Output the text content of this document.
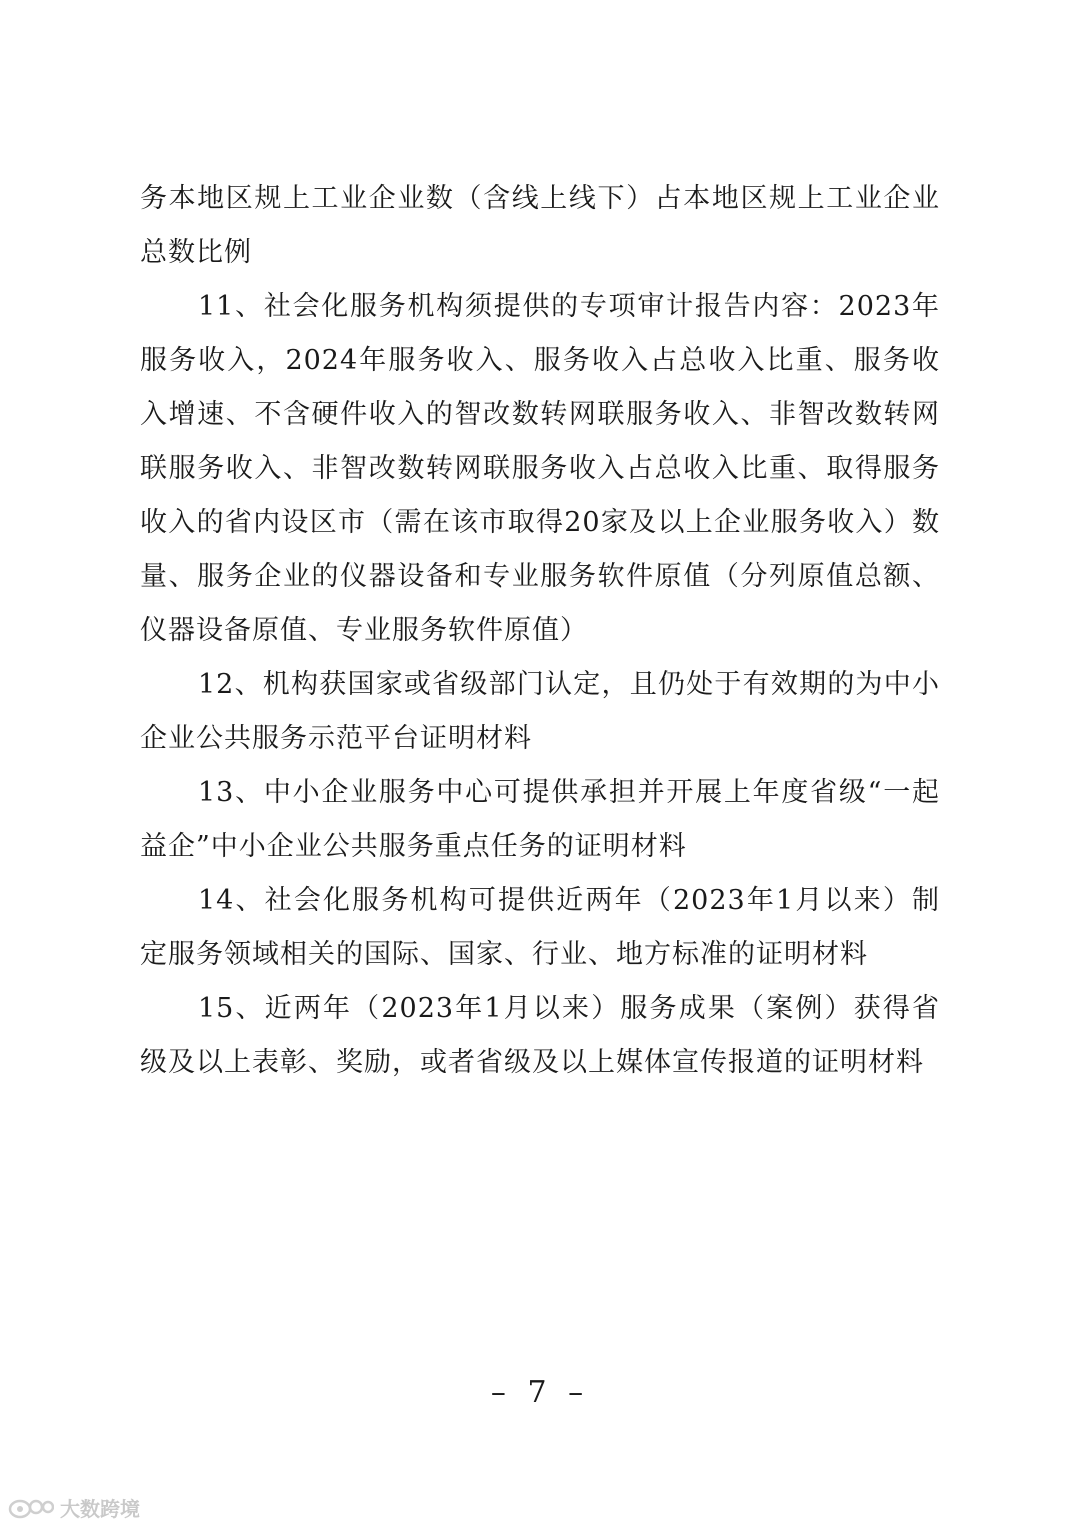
务本地区规上工业企业数（含线上线下）占本地区规上工业企业总数比例

11、社会化服务机构须提供的专项审计报告内容：2023年服务收入，2024年服务收入、服务收入占总收入比重、服务收入增速、不含硬件收入的智改数转网联服务收入、非智改数转网联服务收入、非智改数转网联服务收入占总收入比重、取得服务收入的省内设区市（需在该市取得20家及以上企业服务收入）数量、服务企业的仪器设备和专业服务软件原值（分列原值总额、仪器设备原值、专业服务软件原值）

12、机构获国家或省级部门认定，且仍处于有效期的为中小企业公共服务示范平台证明材料

13、中小企业服务中心可提供承担并开展上年度省级“一起益企”中小企业公共服务重点任务的证明材料

14、社会化服务机构可提供近两年（2023年1月以来）制定服务领域相关的国际、国家、行业、地方标准的证明材料

15、近两年（2023年1月以来）服务成果（案例）获得省级及以上表彰、奖励，或者省级及以上媒体宣传报道的证明材料

– 7 –
大数跨境
